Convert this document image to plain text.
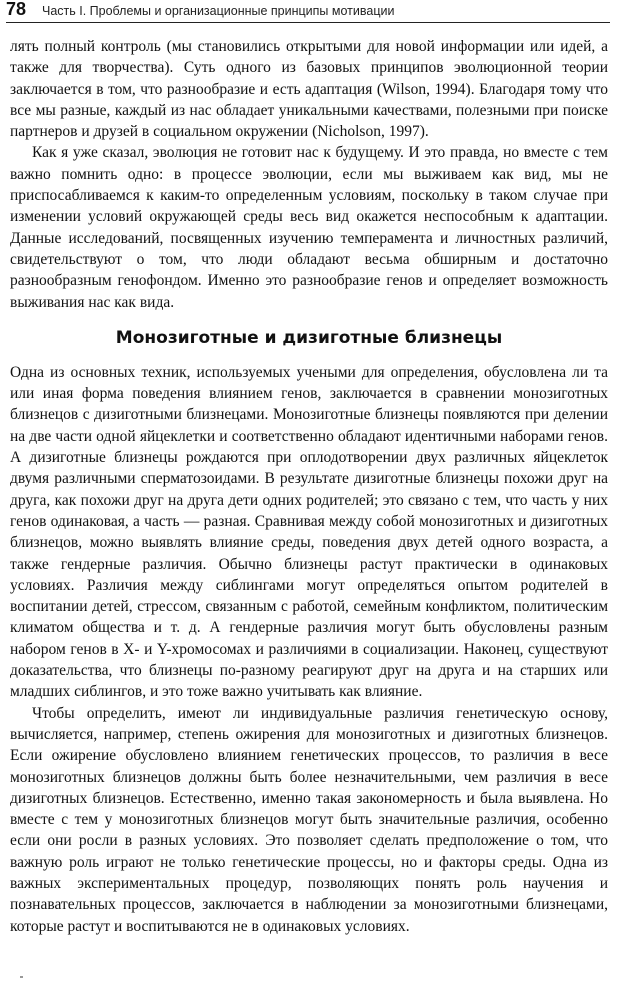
78 Часть I. Проблемы и организационные принципы мотивации

лять полный контроль (мы становились открытыми для новой информации или идей, а также для творчества). Суть одного из базовых принципов эволюционной теории заключается в том, что разнообразие и есть адаптация (Wilson, 1994). Благодаря тому что все мы разные, каждый из нас обладает уникальными качествами, полезными при поиске партнеров и друзей в социальном окружении (Nicholson, 1997).

Как я уже сказал, эволюция не готовит нас к будущему. И это правда, но вместе с тем важно помнить одно: в процессе эволюции, если мы выживаем как вид, мы не приспосабливаемся к каким-то определенным условиям, поскольку в таком случае при изменении условий окружающей среды весь вид окажется неспособным к адаптации. Данные исследований, посвященных изучению темперамента и личностных различий, свидетельствуют о том, что люди обладают весьма обширным и достаточно разнообразным генофондом. Именно это разнообразие генов и определяет возможность выживания нас как вида.

Монозиготные и дизиготные близнецы

Одна из основных техник, используемых учеными для определения, обусловлена ли та или иная форма поведения влиянием генов, заключается в сравнении монозиготных близнецов с дизиготными близнецами. Монозиготные близнецы появляются при делении на две части одной яйцеклетки и соответственно обладают идентичными наборами генов. А дизиготные близнецы рождаются при оплодотворении двух различных яйцеклеток двумя различными сперматозоидами. В результате дизиготные близнецы похожи друг на друга, как похожи друг на друга дети одних родителей; это связано с тем, что часть у них генов одинаковая, а часть — разная. Сравнивая между собой монозиготных и дизиготных близнецов, можно выявлять влияние среды, поведения двух детей одного возраста, а также гендерные различия. Обычно близнецы растут практически в одинаковых условиях. Различия между сиблингами могут определяться опытом родителей в воспитании детей, стрессом, связанным с работой, семейным конфликтом, политическим климатом общества и т. д. А гендерные различия могут быть обусловлены разным набором генов в X- и Y-хромосомах и различиями в социализации. Наконец, существуют доказательства, что близнецы по-разному реагируют друг на друга и на старших или младших сиблингов, и это тоже важно учитывать как влияние.

Чтобы определить, имеют ли индивидуальные различия генетическую основу, вычисляется, например, степень ожирения для монозиготных и дизиготных близнецов. Если ожирение обусловлено влиянием генетических процессов, то различия в весе монозиготных близнецов должны быть более незначительными, чем различия в весе дизиготных близнецов. Естественно, именно такая закономерность и была выявлена. Но вместе с тем у монозиготных близнецов могут быть значительные различия, особенно если они росли в разных условиях. Это позволяет сделать предположение о том, что важную роль играют не только генетические процессы, но и факторы среды. Одна из важных экспериментальных процедур, позволяющих понять роль научения и познавательных процессов, заключается в наблюдении за монозиготными близнецами, которые растут и воспитываются не в одинаковых условиях.
